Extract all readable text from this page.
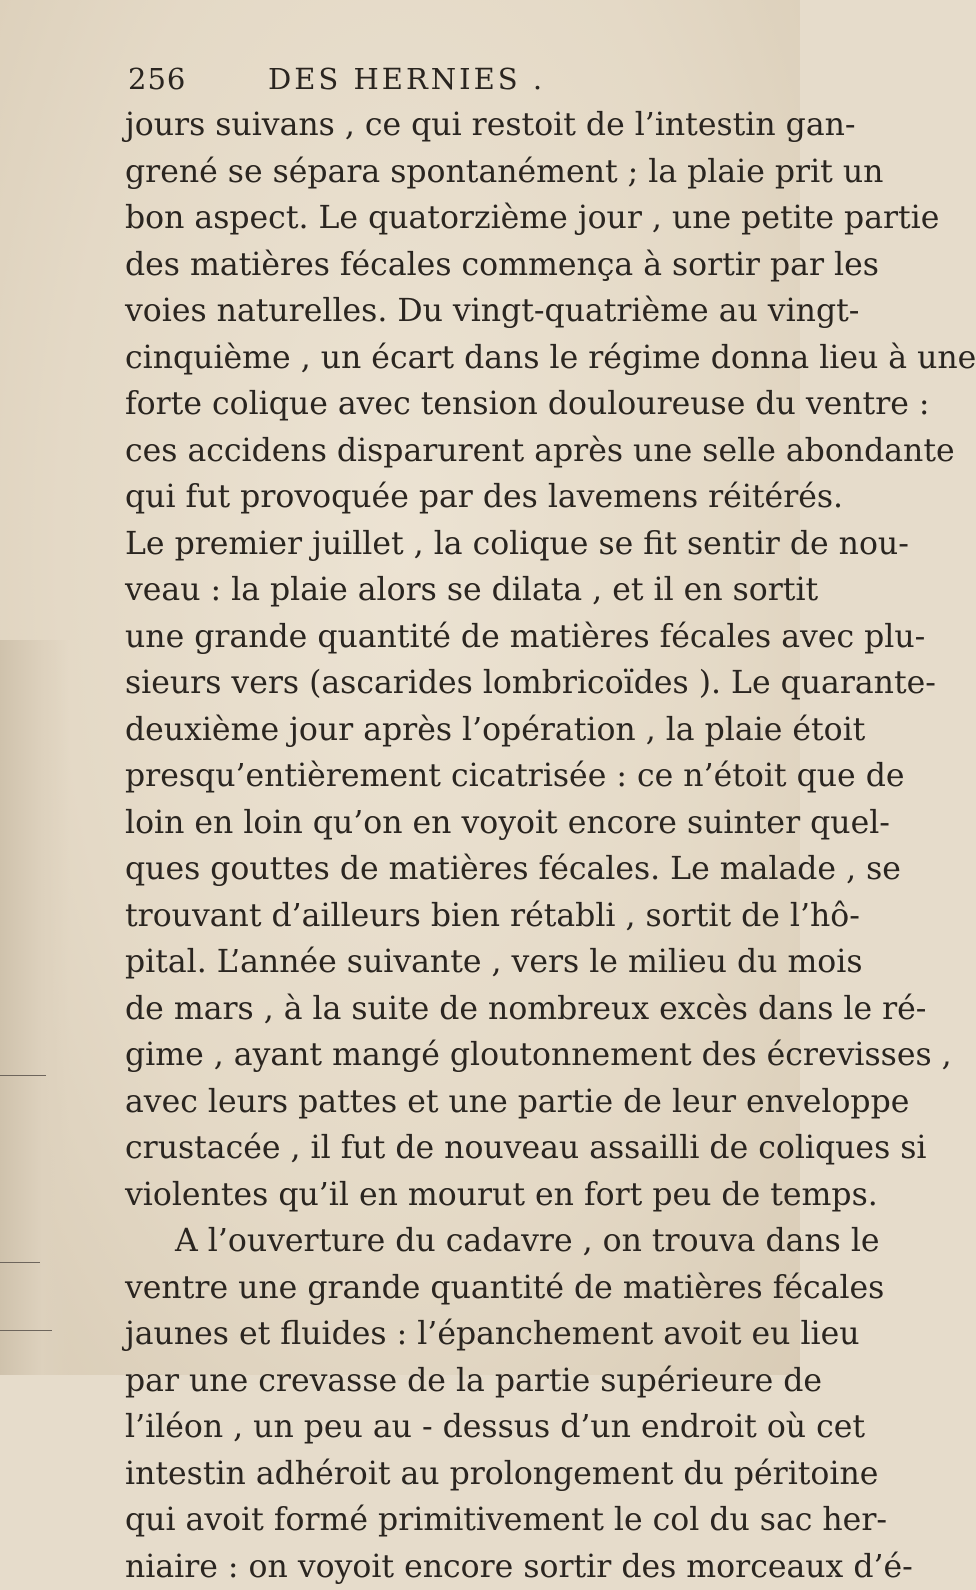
256	DES HERNIES .
jours suivans , ce qui restoit de l’intestin gan-
grené se sépara spontanément ; la plaie prit un
bon aspect. Le quatorzième jour , une petite partie
des matières fécales commença à sortir par les
voies naturelles. Du vingt-quatrième au vingt-
cinquième , un écart dans le régime donna lieu à une
forte colique avec tension douloureuse du ventre :
ces accidens disparurent après une selle abondante
qui fut provoquée par des lavemens réitérés.
Le premier juillet , la colique se fit sentir de nou-
veau : la plaie alors se dilata , et il en sortit
une grande quantité de matières fécales avec plu-
sieurs vers (ascarides lombricoïdes ). Le quarante-
deuxième jour après l’opération , la plaie étoit
presqu’entièrement cicatrisée : ce n’étoit que de
loin en loin qu’on en voyoit encore suinter quel-
ques gouttes de matières fécales. Le malade , se
trouvant d’ailleurs bien rétabli , sortit de l’hô-
pital. L’année suivante , vers le milieu du mois
de mars , à la suite de nombreux excès dans le ré-
gime , ayant mangé gloutonnement des écrevisses ,
avec leurs pattes et une partie de leur enveloppe
crustacée , il fut de nouveau assailli de coliques si
violentes qu’il en mourut en fort peu de temps.
A l’ouverture du cadavre , on trouva dans le
ventre une grande quantité de matières fécales
jaunes et fluides : l’épanchement avoit eu lieu
par une crevasse de la partie supérieure de
l’iléon , un peu au - dessus d’un endroit où cet
intestin adhéroit au prolongement du péritoine
qui avoit formé primitivement le col du sac her-
niaire : on voyoit encore sortir des morceaux d’é-
